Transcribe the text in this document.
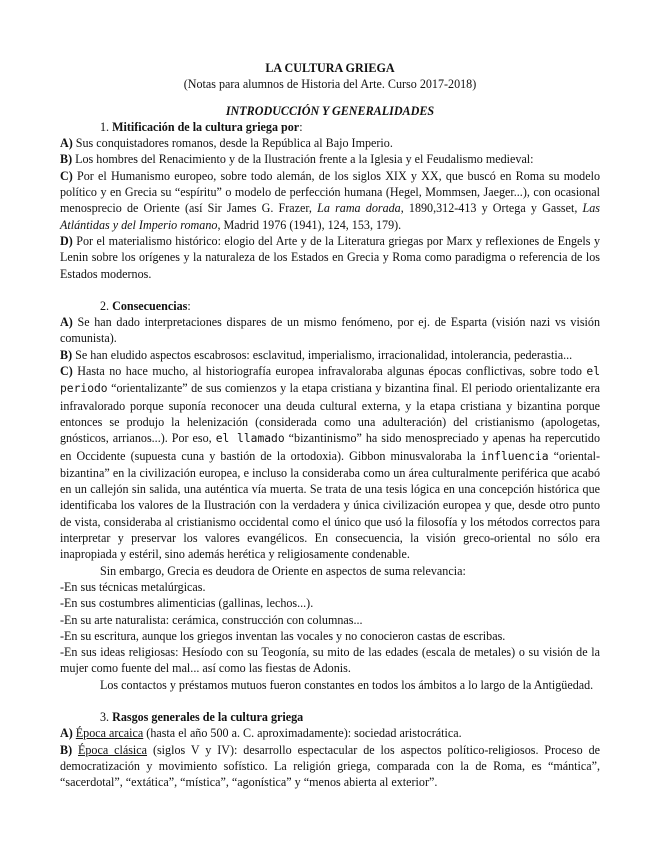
LA CULTURA GRIEGA

(Notas para alumnos de Historia del Arte. Curso 2017-2018)

INTRODUCCIÓN Y GENERALIDADES

1. Mitificación de la cultura griega por:

A) Sus conquistadores romanos, desde la República al Bajo Imperio.

B) Los hombres del Renacimiento y de la Ilustración frente a la Iglesia y el Feudalismo medieval:

C) Por el Humanismo europeo, sobre todo alemán, de los siglos XIX y XX, que buscó en Roma su modelo político y en Grecia su “espíritu” o modelo de perfección humana (Hegel, Mommsen, Jaeger...), con ocasional menosprecio de Oriente (así Sir James G. Frazer, La rama dorada, 1890,312-413 y Ortega y Gasset, Las Atlántidas y del Imperio romano, Madrid 1976 (1941), 124, 153, 179).

D) Por el materialismo histórico: elogio del Arte y de la Literatura griegas por Marx y reflexiones de Engels y Lenin sobre los orígenes y la naturaleza de los Estados en Grecia y Roma como paradigma o referencia de los Estados modernos.

2. Consecuencias:

A) Se han dado interpretaciones dispares de un mismo fenómeno, por ej. de Esparta (visión nazi vs visión comunista).

B) Se han eludido aspectos escabrosos: esclavitud, imperialismo, irracionalidad, intolerancia, pederastia...

C) Hasta no hace mucho, al historiografía europea infravaloraba algunas épocas conflictivas, sobre todo el periodo “orientalizante” de sus comienzos y la etapa cristiana y bizantina final. El periodo orientalizante era infravalorado porque suponía reconocer una deuda cultural externa, y la etapa cristiana y bizantina porque entonces se produjo la helenización (considerada como una adulteración) del cristianismo (apologetas, gnósticos, arrianos...). Por eso, el llamado “bizantinismo” ha sido menospreciado y apenas ha repercutido en Occidente (supuesta cuna y bastión de la ortodoxia). Gibbon minusvaloraba la influencia “oriental-bizantina” en la civilización europea, e incluso la consideraba como un área culturalmente periférica que acabó en un callejón sin salida, una auténtica vía muerta. Se trata de una tesis lógica en una concepción histórica que identificaba los valores de la Ilustración con la verdadera y única civilización europea y que, desde otro punto de vista, consideraba al cristianismo occidental como el único que usó la filosofía y los métodos correctos para interpretar y preservar los valores evangélicos. En consecuencia, la visión greco-oriental no sólo era inapropiada y estéril, sino además herética y religiosamente condenable.

Sin embargo, Grecia es deudora de Oriente en aspectos de suma relevancia:

-En sus técnicas metalúrgicas.

-En sus costumbres alimenticias (gallinas, lechos...).

-En su arte naturalista: cerámica, construcción con columnas...

-En su escritura, aunque los griegos inventan las vocales y no conocieron castas de escribas.

-En sus ideas religiosas: Hesíodo con su Teogonía, su mito de las edades (escala de metales) o su visión de la mujer como fuente del mal... así como las fiestas de Adonis.

Los contactos y préstamos mutuos fueron constantes en todos los ámbitos a lo largo de la Antigüedad.

3. Rasgos generales de la cultura griega

A) Época arcaica (hasta el año 500 a. C. aproximadamente): sociedad aristocrática.

B) Época clásica (siglos V y IV): desarrollo espectacular de los aspectos político-religiosos. Proceso de democratización y movimiento sofístico. La religión griega, comparada con la de Roma, es “mántica”, “sacerdotal”, “extática”, “mística”, “agonística” y “menos abierta al exterior”.
